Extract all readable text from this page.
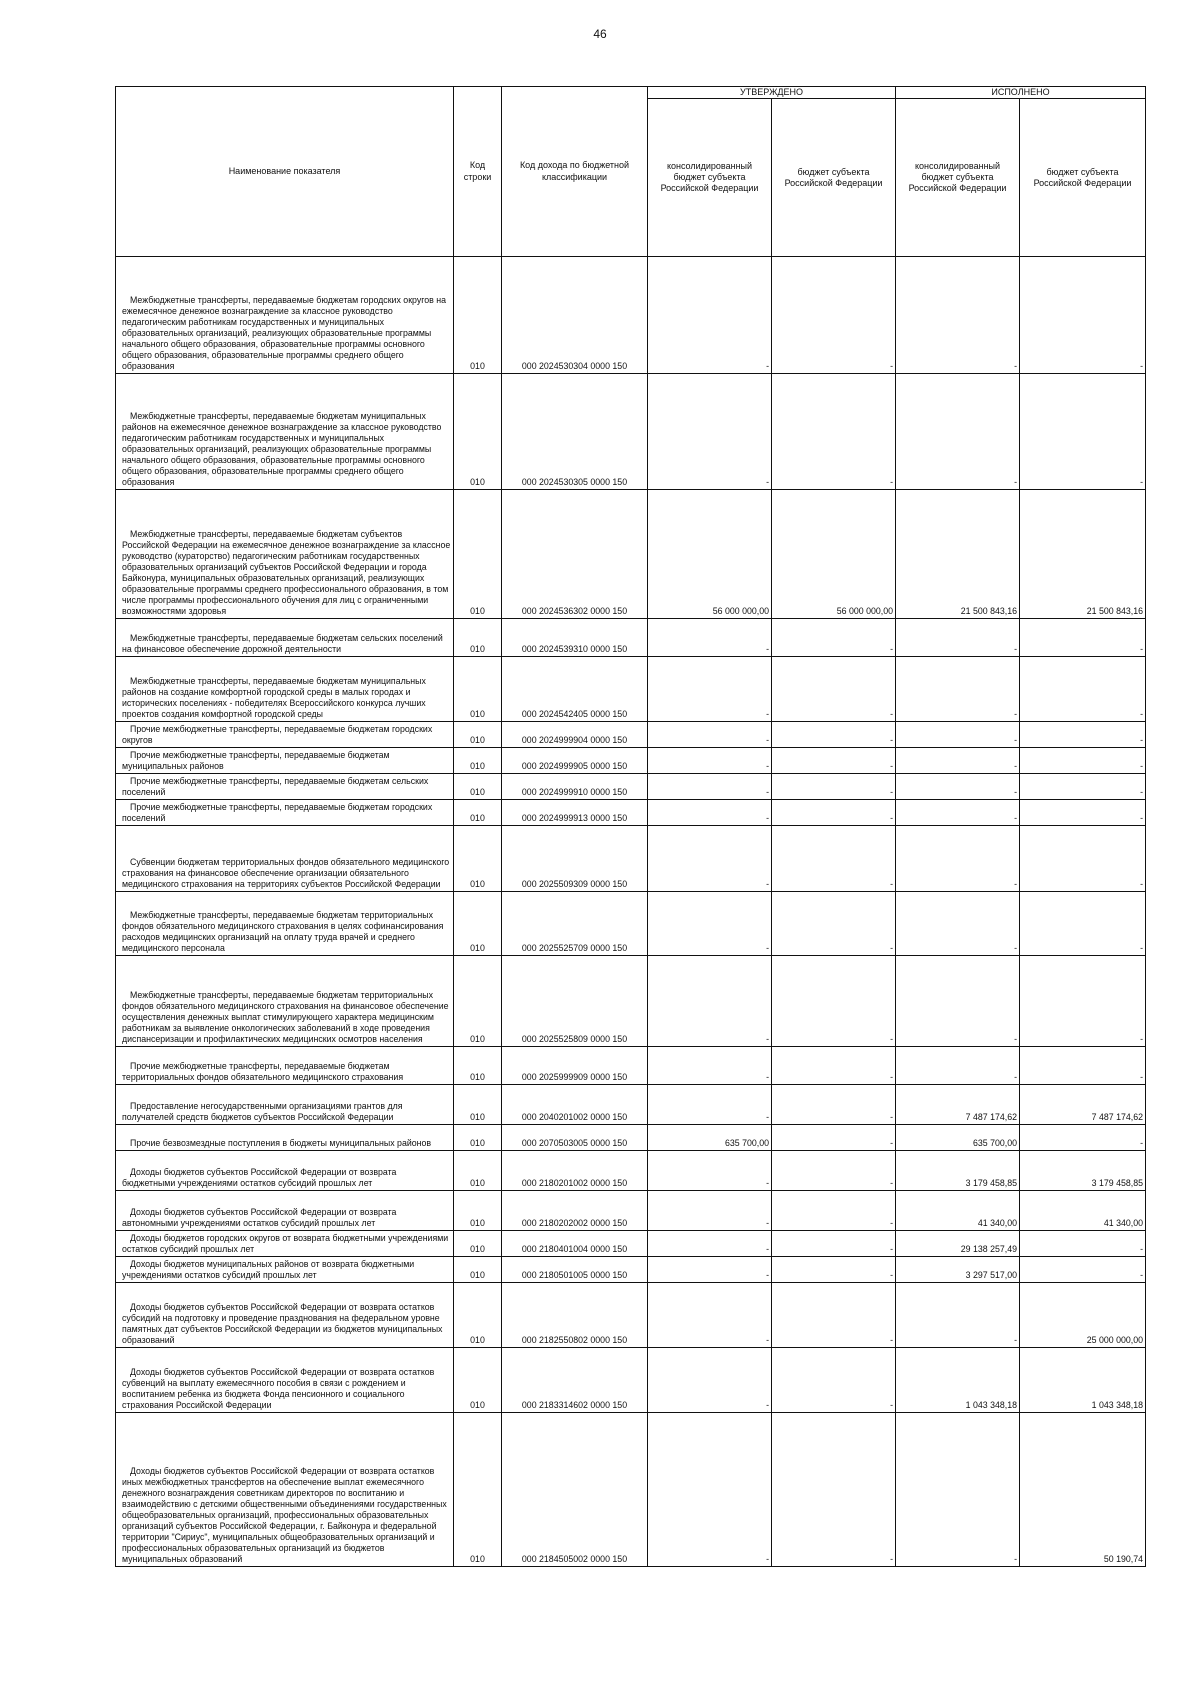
46
Наименование показателя	Код строки	Код дохода по бюджетной классификации	УТВЕРЖДЕНО		ИСПОЛНЕНО	
			консолидированный бюджет субъекта Российской Федерации	бюджет субъекта Российской Федерации	консолидированный бюджет субъекта Российской Федерации	бюджет субъекта Российской Федерации
Межбюджетные трансферты, передаваемые бюджетам городских округов на ежемесячное денежное вознаграждение за классное руководство педагогическим работникам государственных и муниципальных образовательных организаций, реализующих образовательные программы начального общего образования, образовательные программы основного общего образования, образовательные программы среднего общего образования	010	000 2024530304 0000 150	-	-	-	-
Межбюджетные трансферты, передаваемые бюджетам муниципальных районов на ежемесячное денежное вознаграждение за классное руководство педагогическим работникам государственных и муниципальных образовательных организаций, реализующих образовательные программы начального общего образования, образовательные программы основного общего образования, образовательные программы среднего общего образования	010	000 2024530305 0000 150	-	-	-	-
Межбюджетные трансферты, передаваемые бюджетам субъектов Российской Федерации на ежемесячное денежное вознаграждение за классное руководство (кураторство) педагогическим работникам государственных образовательных организаций субъектов Российской Федерации и города Байконура, муниципальных образовательных организаций, реализующих образовательные программы среднего профессионального образования, в том числе программы профессионального обучения для лиц с ограниченными возможностями здоровья	010	000 2024536302 0000 150	56 000 000,00	56 000 000,00	21 500 843,16	21 500 843,16
Межбюджетные трансферты, передаваемые бюджетам сельских поселений на финансовое обеспечение дорожной деятельности	010	000 2024539310 0000 150	-	-	-	-
Межбюджетные трансферты, передаваемые бюджетам муниципальных районов на создание комфортной городской среды в малых городах и исторических поселениях - победителях Всероссийского конкурса лучших проектов создания комфортной городской среды	010	000 2024542405 0000 150	-	-	-	-
Прочие межбюджетные трансферты, передаваемые бюджетам городских округов	010	000 2024999904 0000 150	-	-	-	-
Прочие межбюджетные трансферты, передаваемые бюджетам муниципальных районов	010	000 2024999905 0000 150	-	-	-	-
Прочие межбюджетные трансферты, передаваемые бюджетам сельских поселений	010	000 2024999910 0000 150	-	-	-	-
Прочие межбюджетные трансферты, передаваемые бюджетам городских поселений	010	000 2024999913 0000 150	-	-	-	-
Субвенции бюджетам территориальных фондов обязательного медицинского страхования на финансовое обеспечение организации обязательного медицинского страхования на территориях субъектов Российской Федерации	010	000 2025509309 0000 150	-	-	-	-
Межбюджетные трансферты, передаваемые бюджетам территориальных фондов обязательного медицинского страхования в целях софинансирования расходов медицинских организаций на оплату труда врачей и среднего медицинского персонала	010	000 2025525709 0000 150	-	-	-	-
Межбюджетные трансферты, передаваемые бюджетам территориальных фондов обязательного медицинского страхования на финансовое обеспечение осуществления денежных выплат стимулирующего характера медицинским работникам за выявление онкологических заболеваний в ходе проведения диспансеризации и профилактических медицинских осмотров населения	010	000 2025525809 0000 150	-	-	-	-
Прочие межбюджетные трансферты, передаваемые бюджетам территориальных фондов обязательного медицинского страхования	010	000 2025999909 0000 150	-	-	-	-
Предоставление негосударственными организациями грантов для получателей средств бюджетов субъектов Российской Федерации	010	000 2040201002 0000 150	-	-	7 487 174,62	7 487 174,62
Прочие безвозмездные поступления в бюджеты муниципальных районов	010	000 2070503005 0000 150	635 700,00	-	635 700,00	-
Доходы бюджетов субъектов Российской Федерации от возврата бюджетными учреждениями остатков субсидий прошлых лет	010	000 2180201002 0000 150	-	-	3 179 458,85	3 179 458,85
Доходы бюджетов субъектов Российской Федерации от возврата автономными учреждениями остатков субсидий прошлых лет	010	000 2180202002 0000 150	-	-	41 340,00	41 340,00
Доходы бюджетов городских округов от возврата бюджетными учреждениями остатков субсидий прошлых лет	010	000 2180401004 0000 150	-	-	29 138 257,49	-
Доходы бюджетов муниципальных районов от возврата бюджетными учреждениями остатков субсидий прошлых лет	010	000 2180501005 0000 150	-	-	3 297 517,00	-
Доходы бюджетов субъектов Российской Федерации от возврата остатков субсидий на подготовку и проведение празднования на федеральном уровне памятных дат субъектов Российской Федерации из бюджетов муниципальных образований	010	000 2182550802 0000 150	-	-	-	25 000 000,00
Доходы бюджетов субъектов Российской Федерации от возврата остатков субвенций на выплату ежемесячного пособия в связи с рождением и воспитанием ребенка из бюджета Фонда пенсионного и социального страхования Российской Федерации	010	000 2183314602 0000 150	-	-	1 043 348,18	1 043 348,18
Доходы бюджетов субъектов Российской Федерации от возврата остатков иных межбюджетных трансфертов на обеспечение выплат ежемесячного денежного вознаграждения советникам директоров по воспитанию и взаимодействию с детскими общественными объединениями государственных общеобразовательных организаций, профессиональных образовательных организаций субъектов Российской Федерации, г. Байконура и федеральной территории "Сириус", муниципальных общеобразовательных организаций и профессиональных образовательных организаций из бюджетов муниципальных образований	010	000 2184505002 0000 150	-	-	-	50 190,74
